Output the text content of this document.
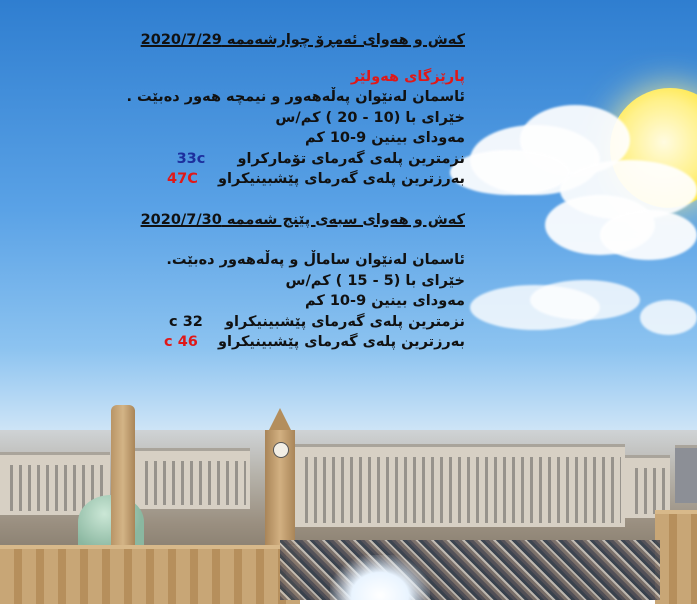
کەش و هەوای ئەمڕۆ چوارشەممە 2020/7/29
پارێزگای هەولێر
ئاسمان لەنێوان پەڵەهەور و نیمچە هەور دەبێت .
خێرای با (10 - 20 ) کم/س
مەودای بینین 9-10 کم
نزمترین پلەی گەرمای تۆمارکراو  33c
بەرزترین پلەی گەرمای پێشبینیکراو  47C
کەش و هەوای سبەی پێنج شەممە 2020/7/30
ئاسمان لەنێوان ساماڵ و پەڵەهەور دەبێت.
خێرای با (5 - 15 ) کم/س
مەودای بینین 9-10 کم
نزمترین پلەی گەرمای پێشبینیکراو  32 c
بەرزترین پلەی گەرمای پێشبینیکراو  46 c
